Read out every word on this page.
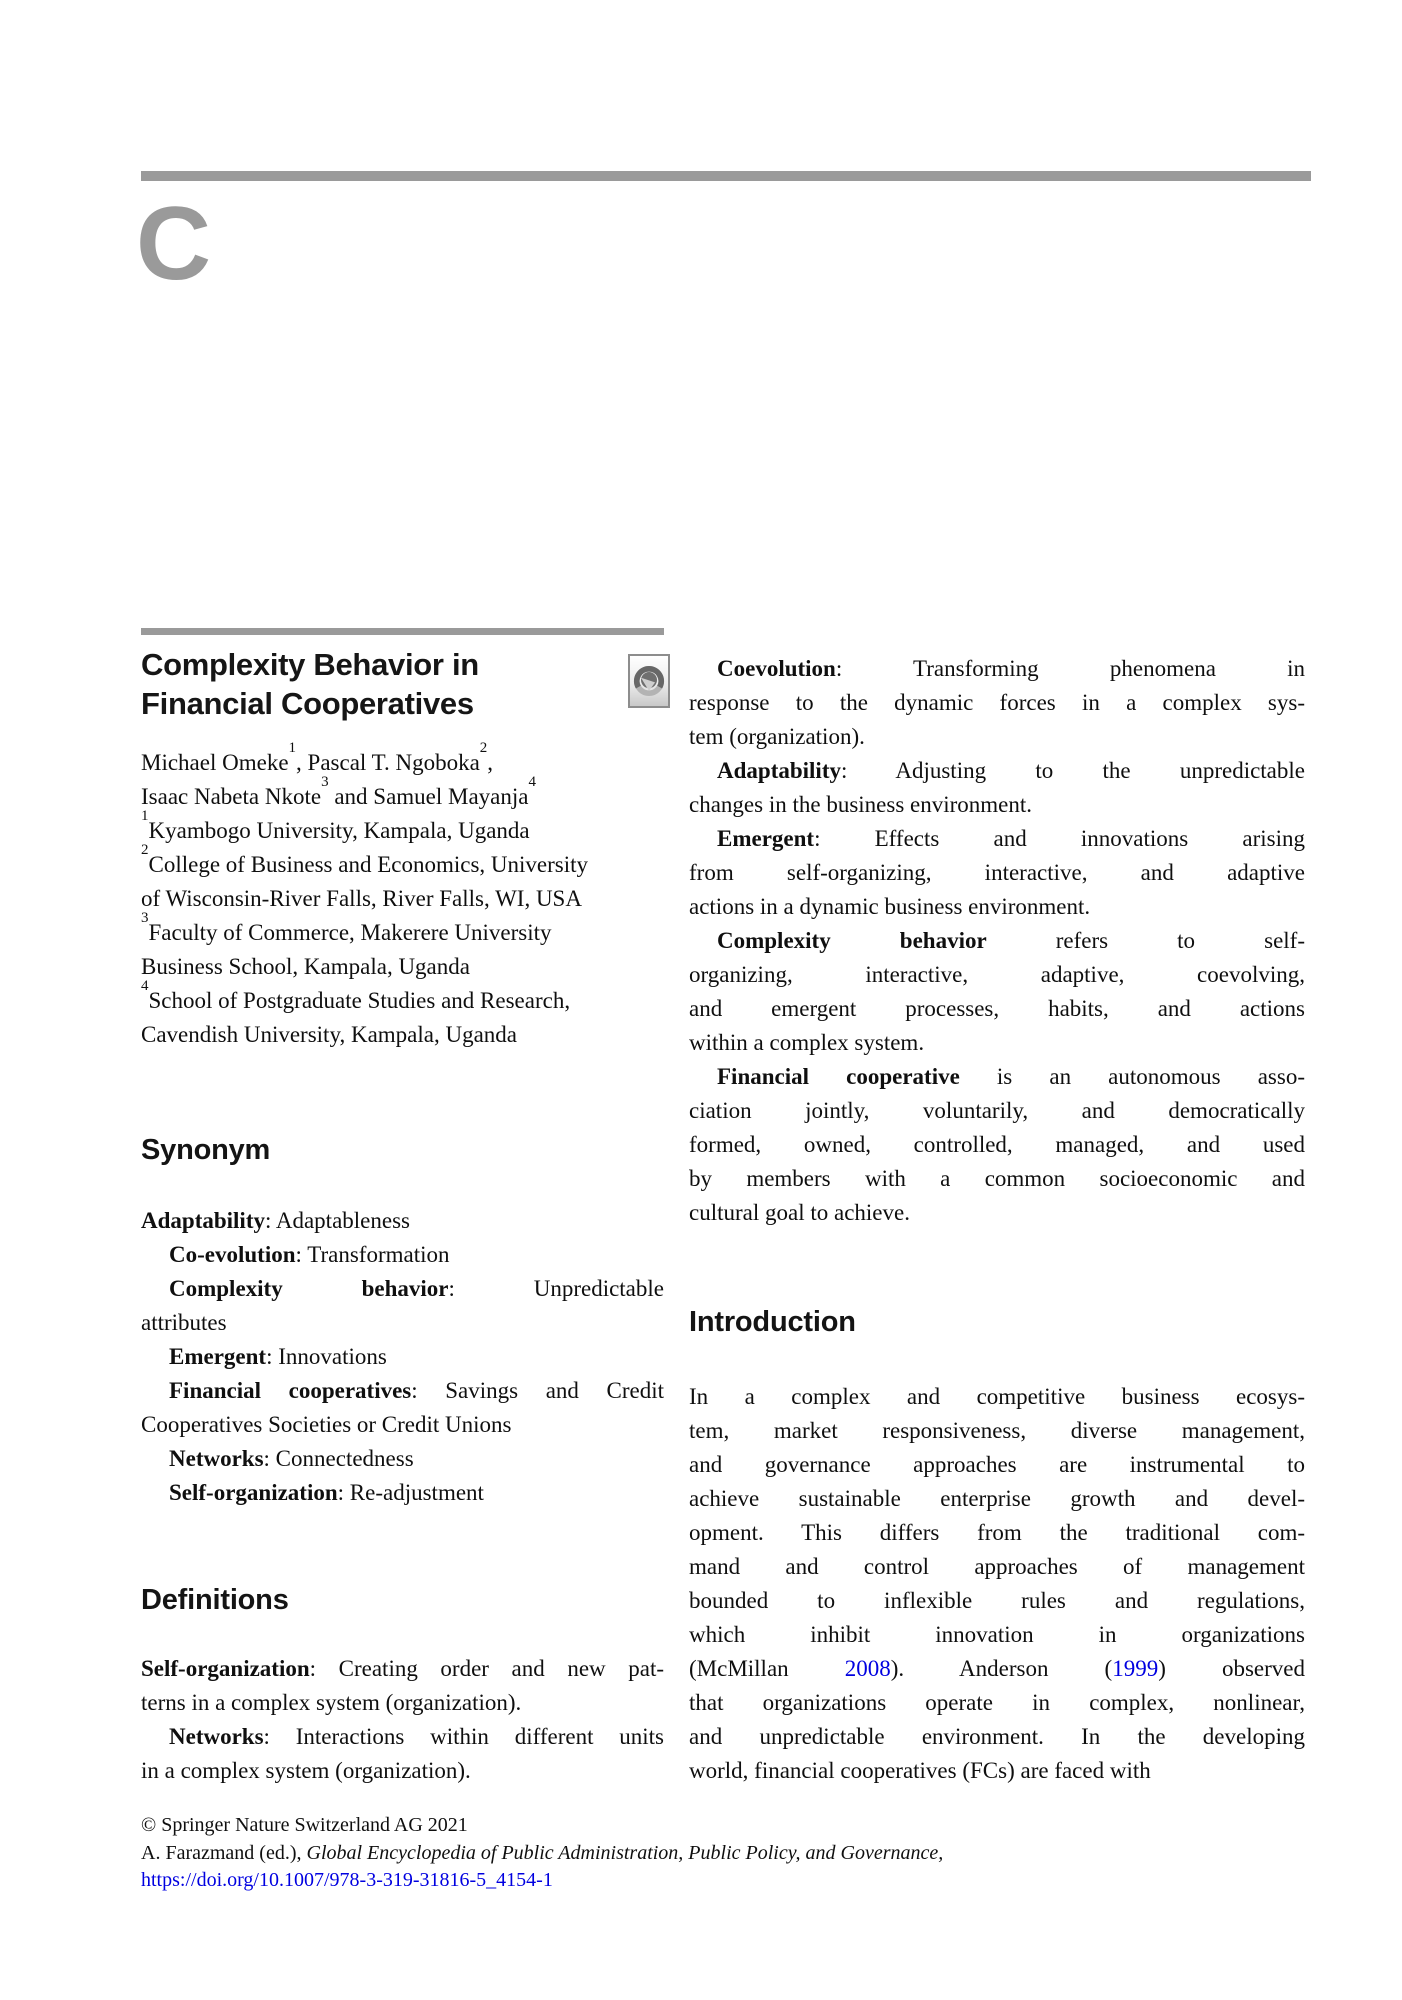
C
Complexity Behavior in
Financial Cooperatives
Michael Omeke$^1$, Pascal T. Ngoboka$^2$,
Isaac Nabeta Nkote$^3$ and Samuel Mayanja$^4$
$^1$Kyambogo University, Kampala, Uganda
$^2$College of Business and Economics, University
of Wisconsin-River Falls, River Falls, WI, USA
$^3$Faculty of Commerce, Makerere University
Business School, Kampala, Uganda
$^4$School of Postgraduate Studies and Research,
Cavendish University, Kampala, Uganda
Synonym

Adaptability: Adaptableness

Co-evolution: Transformation

Complexity behavior: Unpredictable
attributes

Emergent: Innovations

Financial cooperatives: Savings and Credit
Cooperatives Societies or Credit Unions

Networks: Connectedness

Self-organization: Re-adjustment

Definitions

Self-organization: Creating order and new pat-
terns in a complex system (organization).

Networks: Interactions within different units
in a complex system (organization).

Coevolution: Transforming phenomena in
response to the dynamic forces in a complex sys-
tem (organization).

Adaptability: Adjusting to the unpredictable
changes in the business environment.

Emergent: Effects and innovations arising
from self-organizing, interactive, and adaptive
actions in a dynamic business environment.

Complexity behavior refers to self-
organizing, interactive, adaptive, coevolving,
and emergent processes, habits, and actions
within a complex system.

Financial cooperative is an autonomous asso-
ciation jointly, voluntarily, and democratically
formed, owned, controlled, managed, and used
by members with a common socioeconomic and
cultural goal to achieve.

Introduction

In a complex and competitive business ecosys-
tem, market responsiveness, diverse management,
and governance approaches are instrumental to
achieve sustainable enterprise growth and devel-
opment. This differs from the traditional com-
mand and control approaches of management
bounded to inflexible rules and regulations,
which inhibit innovation in organizations
(McMillan 2008). Anderson (1999) observed
that organizations operate in complex, nonlinear,
and unpredictable environment. In the developing
world, financial cooperatives (FCs) are faced with

© Springer Nature Switzerland AG 2021
A. Farazmand (ed.), Global Encyclopedia of Public Administration, Public Policy, and Governance,
https://doi.org/10.1007/978-3-319-31816-5_4154-1
